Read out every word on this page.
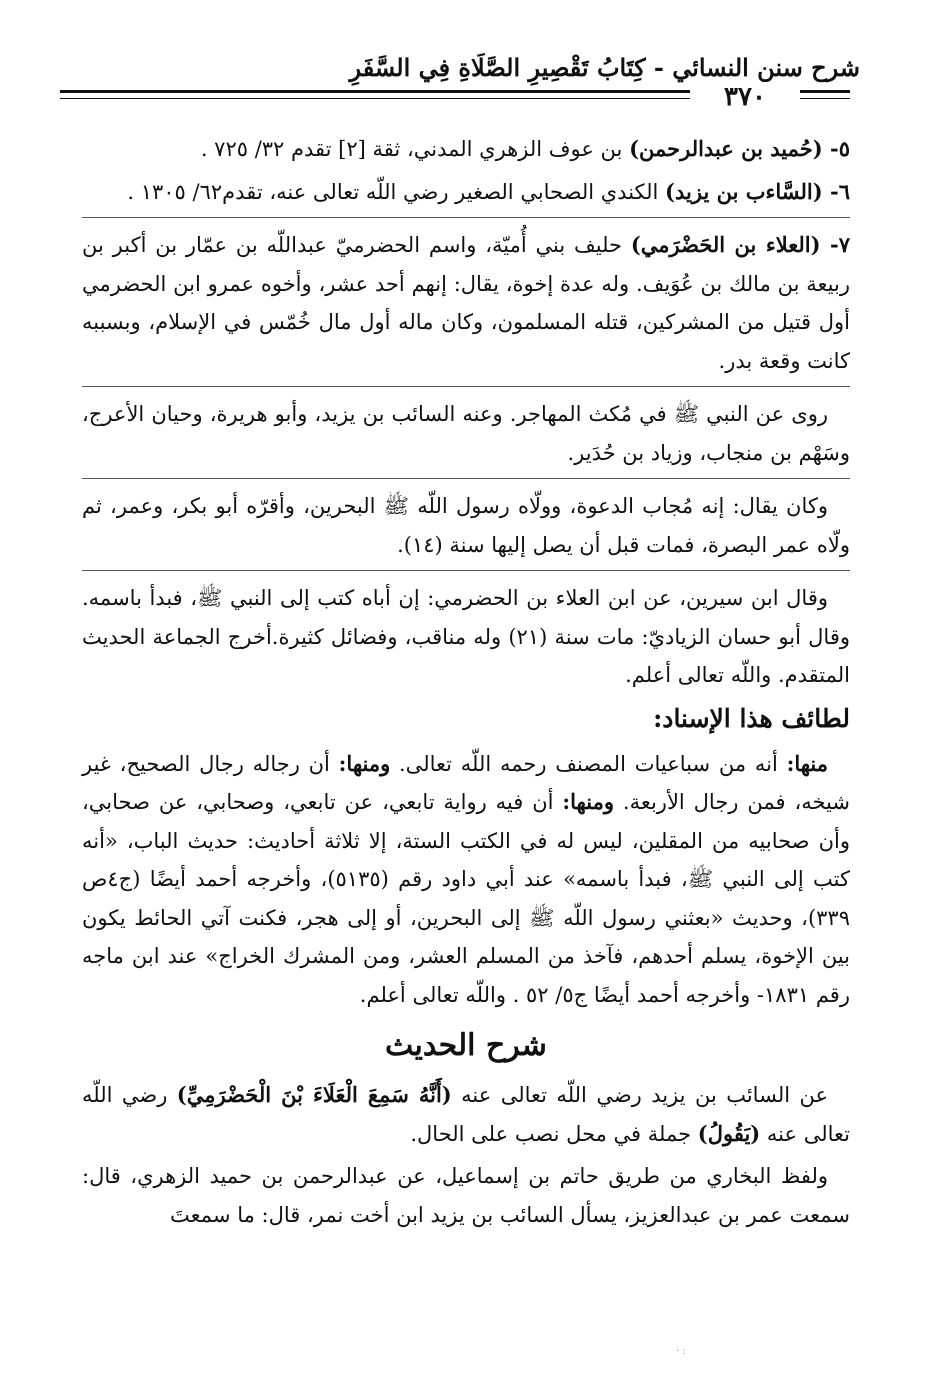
شرح سنن النسائي - كِتَابُ تَقْصِيرِ الصَّلَاةِ فِي السَّفَرِ
٣٧٠

٥- (حُميد بن عبدالرحمن) بن عوف الزهري المدني، ثقة [٢] تقدم ٣٢/ ٧٢٥ .

٦- (السَّاءب بن يزيد) الكندي الصحابي الصغير رضي اللّه تعالى عنه، تقدم٦٢/ ١٣٠٥ .

٧- (العلاء بن الحَضْرَمي) حليف بني أُميّة، واسم الحضرميّ عبداللّه بن عمّار بن أكبر بن ربيعة بن مالك بن عُوَيف. وله عدة إخوة، يقال: إنهم أحد عشر، وأخوه عمرو ابن الحضرمي أول قتيل من المشركين، قتله المسلمون، وكان ماله أول مال خُمّس في الإسلام، وبسببه كانت وقعة بدر.

روى عن النبي ﷺ في مُكث المهاجر. وعنه السائب بن يزيد، وأبو هريرة، وحيان الأعرج، وسَهْم بن منجاب، وزياد بن حُدَير.

وكان يقال: إنه مُجاب الدعوة، وولّاه رسول اللّه ﷺ البحرين، وأقرّه أبو بكر، وعمر، ثم ولّاه عمر البصرة، فمات قبل أن يصل إليها سنة (١٤).

وقال ابن سيرين، عن ابن العلاء بن الحضرمي: إن أباه كتب إلى النبي ﷺ، فبدأ باسمه. وقال أبو حسان الزياديّ: مات سنة (٢١) وله مناقب، وفضائل كثيرة.أخرج الجماعة الحديث المتقدم. واللّه تعالى أعلم.

لطائف هذا الإسناد:

منها: أنه من سباعيات المصنف رحمه اللّه تعالى. ومنها: أن رجاله رجال الصحيح، غير شيخه، فمن رجال الأربعة. ومنها: أن فيه رواية تابعي، عن تابعي، وصحابي، عن صحابي، وأن صحابيه من المقلين، ليس له في الكتب الستة، إلا ثلاثة أحاديث: حديث الباب، «أنه كتب إلى النبي ﷺ، فبدأ باسمه» عند أبي داود رقم (٥١٣٥)، وأخرجه أحمد أيضًا (ج٤ص ٣٣٩)، وحديث «بعثني رسول اللّه ﷺ إلى البحرين، أو إلى هجر، فكنت آتي الحائط يكون بين الإخوة، يسلم أحدهم، فآخذ من المسلم العشر، ومن المشرك الخراج» عند ابن ماجه رقم ١٨٣١- وأخرجه أحمد أيضًا ج٥/ ٥٢ . واللّه تعالى أعلم.

شرح الحديث

عن السائب بن يزيد رضي اللّه تعالى عنه (أَنَّهُ سَمِعَ الْعَلَاءَ بْنَ الْحَضْرَمِيِّ) رضي اللّه تعالى عنه (يَقُولُ) جملة في محل نصب على الحال.

ولفظ البخاري من طريق حاتم بن إسماعيل، عن عبدالرحمن بن حميد الزهري، قال: سمعت عمر بن عبدالعزيز، يسأل السائب بن يزيد ابن أخت نمر، قال: ما سمعتَ

· :
